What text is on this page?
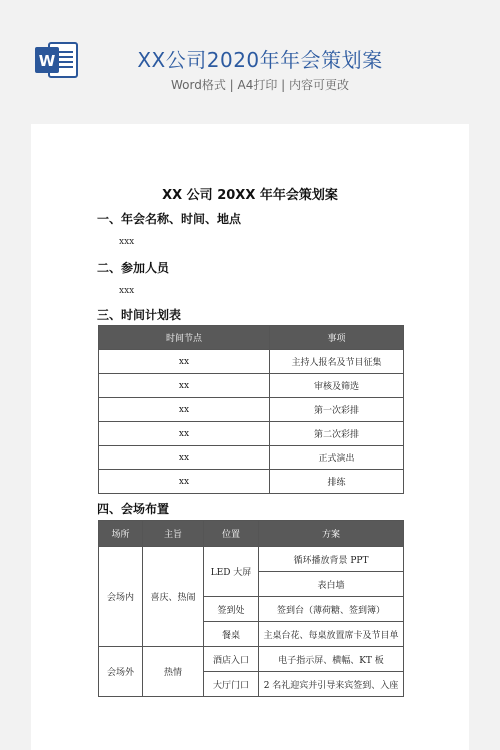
W	XX公司2020年年会策划案
Word格式 | A4打印 | 内容可更改
XX 公司 20XX 年年会策划案
一、年会名称、时间、地点
xxx
二、参加人员
xxx
三、时间计划表
时间节点	事项
xx	主持人报名及节目征集
xx	审核及筛选
xx	第一次彩排
xx	第二次彩排
xx	正式演出
xx	排练
四、会场布置
场所	主旨	位置	方案
会场内	喜庆、热闹	LED 大屏	循环播放背景 PPT
			表白墙
		签到处	签到台（薄荷糖、签到簿）
		餐桌	主桌台花、每桌放置席卡及节目单
会场外	热情	酒店入口	电子指示屏、横幅、KT 板
		大厅门口	2 名礼迎宾并引导来宾签到、入座
